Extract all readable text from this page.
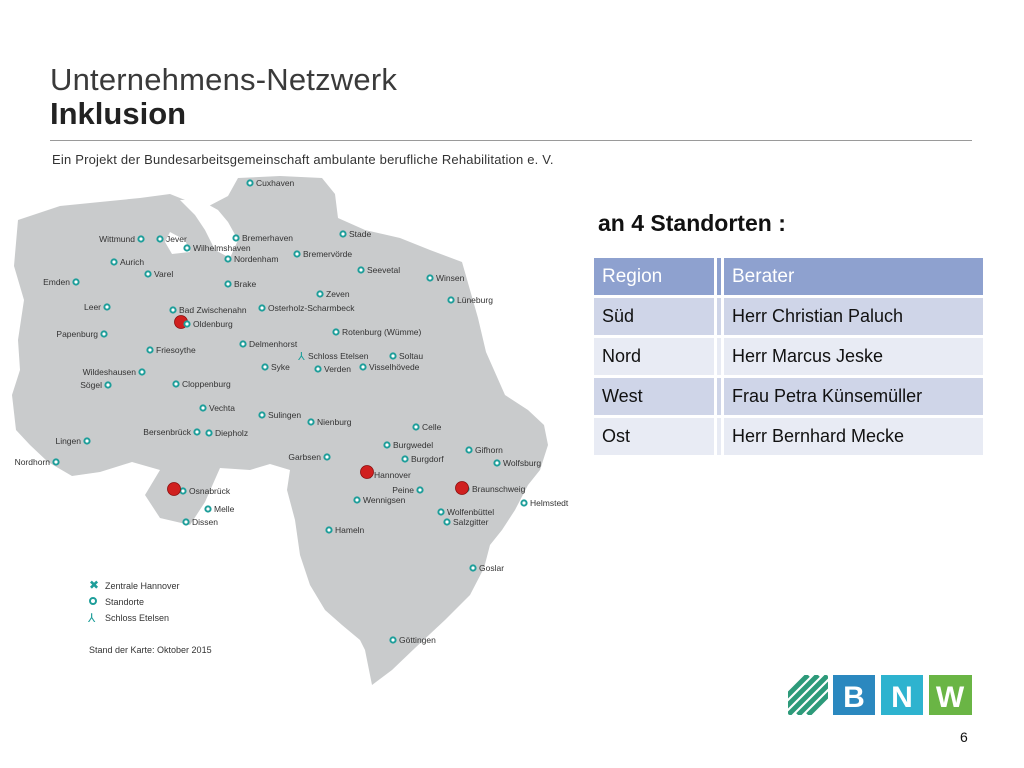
Unternehmens-Netzwerk
Inklusion
Ein Projekt der Bundesarbeitsgemeinschaft ambulante berufliche Rehabilitation e. V.
Cuxhaven
Stade
Wittmund	Jever
Wilhelmshaven
Bremerhaven
Aurich	Nordenham	Bremervörde
Emden
Varel	Seevetal
Winsen
Brake
Zeven
Lüneburg
Leer	Bad Zwischenahn	Osterholz-Scharmbeck
Oldenburg
Papenburg	Rotenburg (Wümme)
Delmenhorst
Friesoythe
⅄ Schloss Etelsen	Soltau
Wildeshausen	Syke	Verden Visselhövede
Sögel	Cloppenburg
Vechta
Sulingen
Nienburg	Celle
Bersenbrück	Diepholz
Lingen	Burgwedel	Gifhorn
Garbsen	Burgdorf
Nordhorn	Wolfsburg
Hannover
Peine	Braunschweig
Osnabrück
Wennigsen	Helmstedt
Melle	Wolfenbüttel
Dissen	Salzgitter
Hameln
Goslar
Göttingen
✖ Zentrale Hannover
Standorte
⅄ Schloss Etelsen
Stand der Karte: Oktober 2015
an 4 Standorten :
Region		Berater
Süd		Herr Christian Paluch
Nord		Herr Marcus Jeske
West		Frau Petra Künsemüller
Ost		Herr Bernhard Mecke
B N W
6
